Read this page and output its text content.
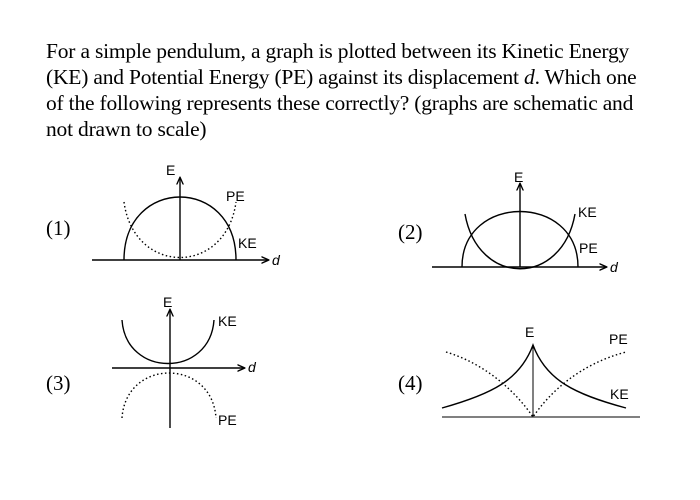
For a simple pendulum, a graph is plotted between its Kinetic Energy (KE) and Potential Energy (PE) against its displacement d. Which one of the following represents these correctly? (graphs are schematic and not drawn to scale)
(1)	(2)
(3)	(4)
E
d
PE
KE
E
d
KE
PE
E
d
KE
PE
E	PE
KE
